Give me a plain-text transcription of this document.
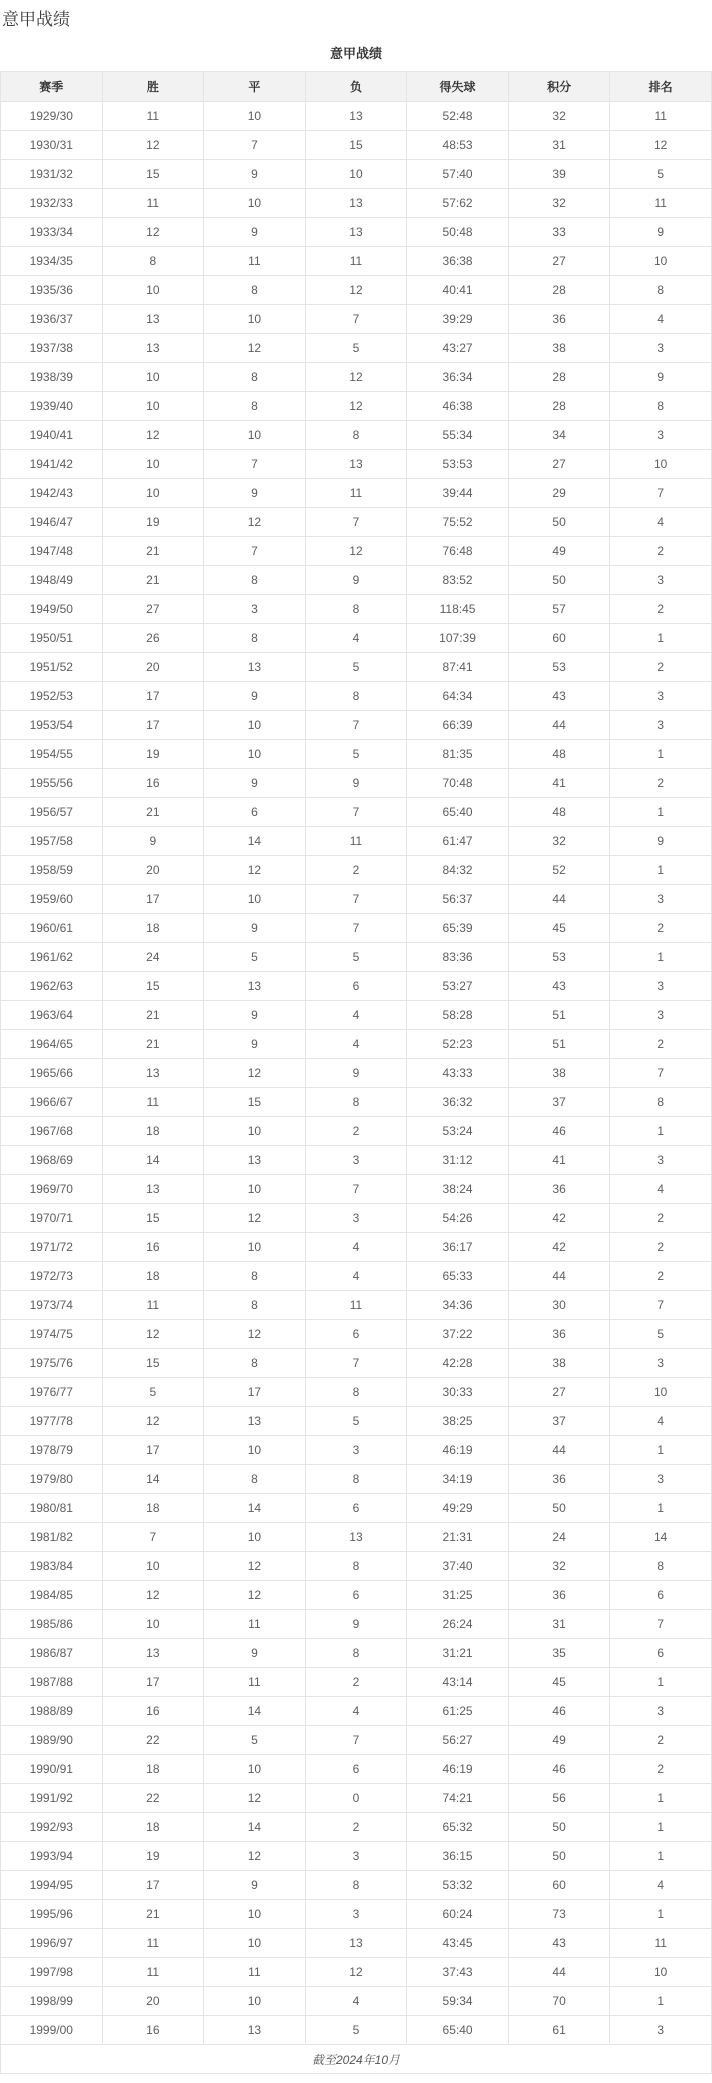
意甲战绩
意甲战绩
赛季	胜	平	负	得失球	积分	排名
1929/30	11	10	13	52:48	32	11
1930/31	12	7	15	48:53	31	12
1931/32	15	9	10	57:40	39	5
1932/33	11	10	13	57:62	32	11
1933/34	12	9	13	50:48	33	9
1934/35	8	11	11	36:38	27	10
1935/36	10	8	12	40:41	28	8
1936/37	13	10	7	39:29	36	4
1937/38	13	12	5	43:27	38	3
1938/39	10	8	12	36:34	28	9
1939/40	10	8	12	46:38	28	8
1940/41	12	10	8	55:34	34	3
1941/42	10	7	13	53:53	27	10
1942/43	10	9	11	39:44	29	7
1946/47	19	12	7	75:52	50	4
1947/48	21	7	12	76:48	49	2
1948/49	21	8	9	83:52	50	3
1949/50	27	3	8	118:45	57	2
1950/51	26	8	4	107:39	60	1
1951/52	20	13	5	87:41	53	2
1952/53	17	9	8	64:34	43	3
1953/54	17	10	7	66:39	44	3
1954/55	19	10	5	81:35	48	1
1955/56	16	9	9	70:48	41	2
1956/57	21	6	7	65:40	48	1
1957/58	9	14	11	61:47	32	9
1958/59	20	12	2	84:32	52	1
1959/60	17	10	7	56:37	44	3
1960/61	18	9	7	65:39	45	2
1961/62	24	5	5	83:36	53	1
1962/63	15	13	6	53:27	43	3
1963/64	21	9	4	58:28	51	3
1964/65	21	9	4	52:23	51	2
1965/66	13	12	9	43:33	38	7
1966/67	11	15	8	36:32	37	8
1967/68	18	10	2	53:24	46	1
1968/69	14	13	3	31:12	41	3
1969/70	13	10	7	38:24	36	4
1970/71	15	12	3	54:26	42	2
1971/72	16	10	4	36:17	42	2
1972/73	18	8	4	65:33	44	2
1973/74	11	8	11	34:36	30	7
1974/75	12	12	6	37:22	36	5
1975/76	15	8	7	42:28	38	3
1976/77	5	17	8	30:33	27	10
1977/78	12	13	5	38:25	37	4
1978/79	17	10	3	46:19	44	1
1979/80	14	8	8	34:19	36	3
1980/81	18	14	6	49:29	50	1
1981/82	7	10	13	21:31	24	14
1983/84	10	12	8	37:40	32	8
1984/85	12	12	6	31:25	36	6
1985/86	10	11	9	26:24	31	7
1986/87	13	9	8	31:21	35	6
1987/88	17	11	2	43:14	45	1
1988/89	16	14	4	61:25	46	3
1989/90	22	5	7	56:27	49	2
1990/91	18	10	6	46:19	46	2
1991/92	22	12	0	74:21	56	1
1992/93	18	14	2	65:32	50	1
1993/94	19	12	3	36:15	50	1
1994/95	17	9	8	53:32	60	4
1995/96	21	10	3	60:24	73	1
1996/97	11	10	13	43:45	43	11
1997/98	11	11	12	37:43	44	10
1998/99	20	10	4	59:34	70	1
1999/00	16	13	5	65:40	61	3
截至2024年10月						
